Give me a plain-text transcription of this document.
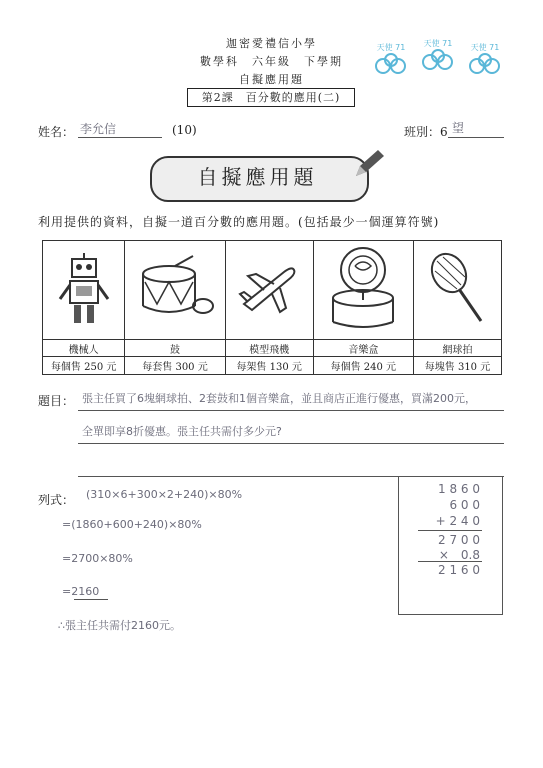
迦密愛禮信小學
數學科　六年級　下學期
自擬應用題
第2課　百分數的應用(二)
天使 71	天使 71	天使 71
姓名： 李允信	(10)	班別：6 望
自擬應用題
利用提供的資料，自擬一道百分數的應用題。(包括最少一個運算符號)

機械人	鼓	模型飛機	音樂盒	網球拍
每個售 250 元	每套售 300 元	每架售 130 元	每個售 240 元	每塊售 310 元
題目： 張主任買了6塊網球拍、2套鼓和1個音樂盒，並且商店正進行優惠，買滿200元，
全單即享8折優惠。張主任共需付多少元?
列式： (310×6+300×2+240)×80%
=(1860+600+240)×80%
=2700×80%
=2160
∴張主任共需付2160元。
1 8 6 0
6 0 0
+ 2 4 0
2 7 0 0
×　0.8
2 1 6 0
